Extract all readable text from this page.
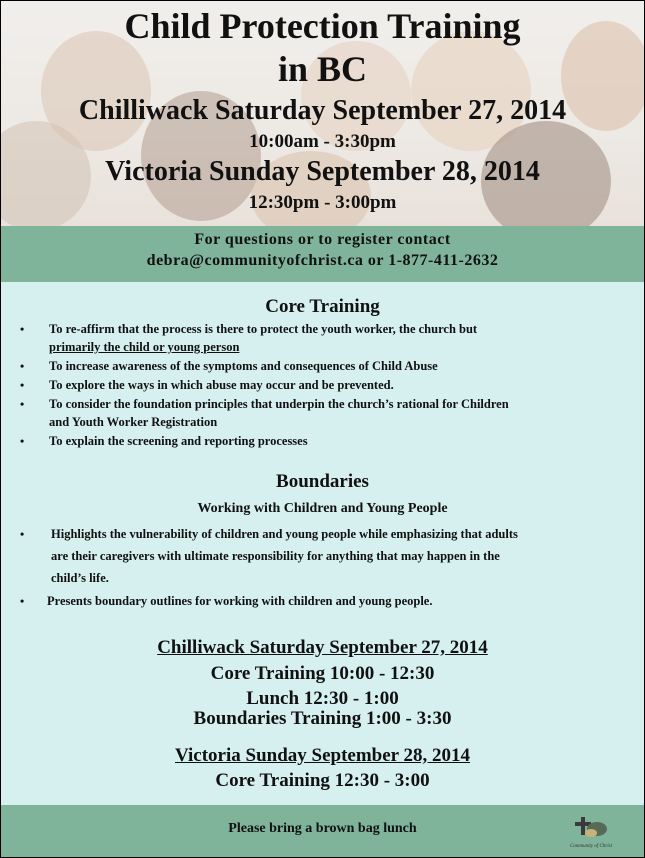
Child Protection Training
in BC
Chilliwack Saturday September 27, 2014
10:00am - 3:30pm
Victoria Sunday September 28, 2014
12:30pm - 3:00pm
For questions or to register contact
debra@communityofchrist.ca or 1-877-411-2632
Core Training
• To re-affirm that the process is there to protect the youth worker, the church but
primarily the child or young person
• To increase awareness of the symptoms and consequences of Child Abuse
• To explore the ways in which abuse may occur and be prevented.
• To consider the foundation principles that underpin the church’s rational for Children
and Youth Worker Registration
• To explain the screening and reporting processes
Boundaries
Working with Children and Young People
• Highlights the vulnerability of children and young people while emphasizing that adults
are their caregivers with ultimate responsibility for anything that may happen in the
child’s life.
• Presents boundary outlines for working with children and young people.
Chilliwack Saturday September 27, 2014
Core Training 10:00 - 12:30
Lunch 12:30 - 1:00
Boundaries Training 1:00 - 3:30
Victoria Sunday September 28, 2014
Core Training 12:30 - 3:00
Please bring a brown bag lunch
Community of Christ
